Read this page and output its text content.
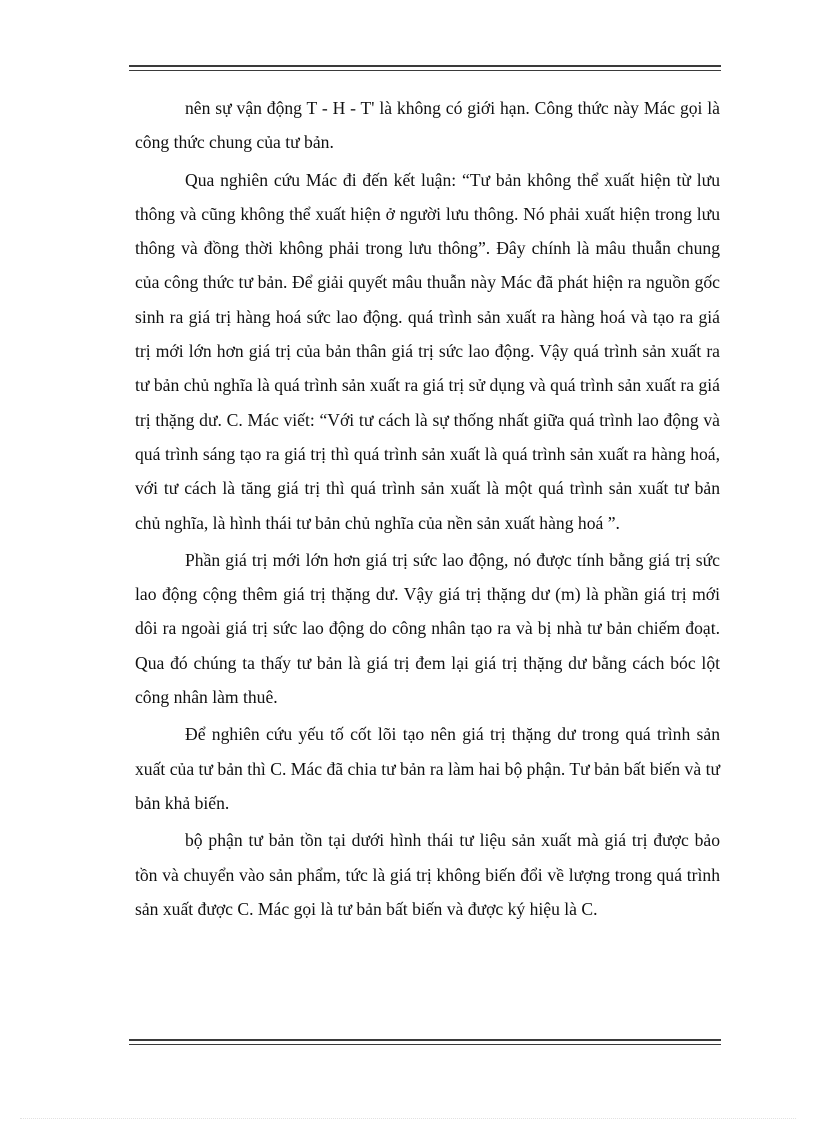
nên sự vận động T - H - T' là không có giới hạn. Công thức này Mác gọi là công thức chung của tư bản.

Qua nghiên cứu Mác đi đến kết luận: “Tư bản không thể xuất hiện từ lưu thông và cũng không thể xuất hiện ở người lưu thông. Nó phải xuất hiện trong lưu thông và đồng thời không phải trong lưu thông”. Đây chính là mâu thuẫn chung của công thức tư bản. Để giải quyết mâu thuẫn này Mác đã phát hiện ra nguồn gốc sinh ra giá trị hàng hoá sức lao động. quá trình sản xuất ra hàng hoá và tạo ra giá trị mới lớn hơn giá trị của bản thân giá trị sức lao động. Vậy quá trình sản xuất ra tư bản chủ nghĩa là quá trình sản xuất ra giá trị sử dụng và quá trình sản xuất ra giá trị thặng dư. C. Mác viết: “Với tư cách là sự thống nhất giữa quá trình lao động và quá trình sáng tạo ra giá trị thì quá trình sản xuất là quá trình sản xuất ra hàng hoá, với tư cách là tăng giá trị thì quá trình sản xuất là một quá trình sản xuất tư bản chủ nghĩa, là hình thái tư bản chủ nghĩa của nền sản xuất hàng hoá ”.

Phần giá trị mới lớn hơn giá trị sức lao động, nó được tính bằng giá trị sức lao động cộng thêm giá trị thặng dư. Vậy giá trị thặng dư (m) là phần giá trị mới dôi ra ngoài giá trị sức lao động do công nhân tạo ra và bị nhà tư bản chiếm đoạt. Qua đó chúng ta thấy tư bản là giá trị đem lại giá trị thặng dư bằng cách bóc lột công nhân làm thuê.

Để nghiên cứu yếu tố cốt lõi tạo nên giá trị thặng dư trong quá trình sản xuất của tư bản thì C. Mác đã chia tư bản ra làm hai bộ phận. Tư bản bất biến và tư bản khả biến.

bộ phận tư bản tồn tại dưới hình thái tư liệu sản xuất mà giá trị được bảo tồn và chuyển vào sản phẩm, tức là giá trị không biến đổi về lượng trong quá trình sản xuất được C. Mác gọi là tư bản bất biến và được ký hiệu là C.
